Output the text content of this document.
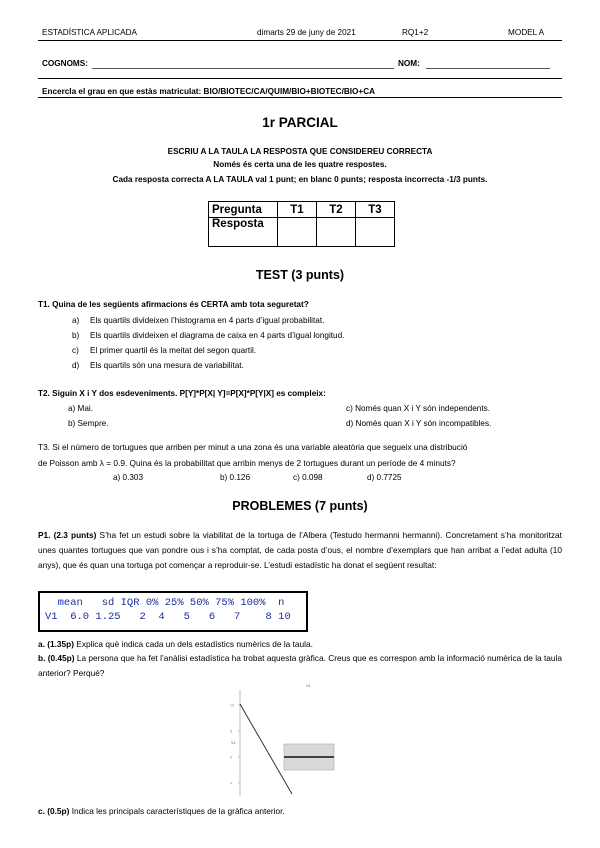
ESTADÍSTICA APLICADA	dimarts 29 de juny de 2021	RQ1+2	MODEL A
COGNOMS:	NOM:
Encercla el grau en que estàs matriculat: BIO/BIOTEC/CA/QUIM/BIO+BIOTEC/BIO+CA
1r PARCIAL
ESCRIU A LA TAULA LA RESPOSTA QUE CONSIDEREU CORRECTA
Només és certa una de les quatre respostes.
Cada resposta correcta A LA TAULA val 1 punt; en blanc 0 punts; resposta incorrecta -1/3 punts.
Pregunta	T1	T2	T3
Resposta			
TEST (3 punts)
T1. Quina de les següents afirmacions és CERTA amb tota seguretat?
a) Els quartils divideixen l’histograma en 4 parts d’igual probabilitat.
b) Els quartils divideixen el diagrama de caixa en 4 parts d’igual longitud.
c) El primer quartil és la meitat del segon quartil.
d) Els quartils són una mesura de variabilitat.
T2. Siguin X i Y dos esdeveniments. P[Y]*P[X| Y]=P[X]*P[Y|X] es compleix:
a) Mai.
b) Sempre.
c) Només quan X i Y són independents.
d) Només quan X i Y són incompatibles.
T3. Si el número de tortugues que arriben per minut a una zona és una variable aleatòria que segueix una distribució
de Poisson amb λ = 0.9. Quina és la probabilitat que arribin menys de 2 tortugues durant un període de 4 minuts?
a) 0.303	b) 0.126	c) 0.098	d) 0.7725
PROBLEMES (7 punts)
P1. (2.3 punts) S’ha fet un estudi sobre la viabilitat de la tortuga de l’Albera (Testudo hermanni hermanni). Concretament s’ha monitoritzat unes quantes tortugues que van pondre ous i s’ha comptat, de cada posta d’ous, el nombre d’exemplars que han arribat a l’edat adulta (10 anys), que és quan una tortuga pot començar a reproduir-se. L’estudi estadístic ha donat el següent resultat:
mean   sd IQR 0% 25% 50% 75% 100%  n
V1  6.0 1.25   2  4   5   6   7    8 10
a. (1.35p) Explica què indica cada un dels estadístics numèrics de la taula.
b. (0.45p) La persona que ha fet l’anàlisi estadística ha trobat aquesta gràfica. Creus que es correspon amb la informació numèrica de la taula anterior? Perquè?
V1
V1
10
8
6
4
c. (0.5p) Indica les principals característiques de la gràfica anterior.
